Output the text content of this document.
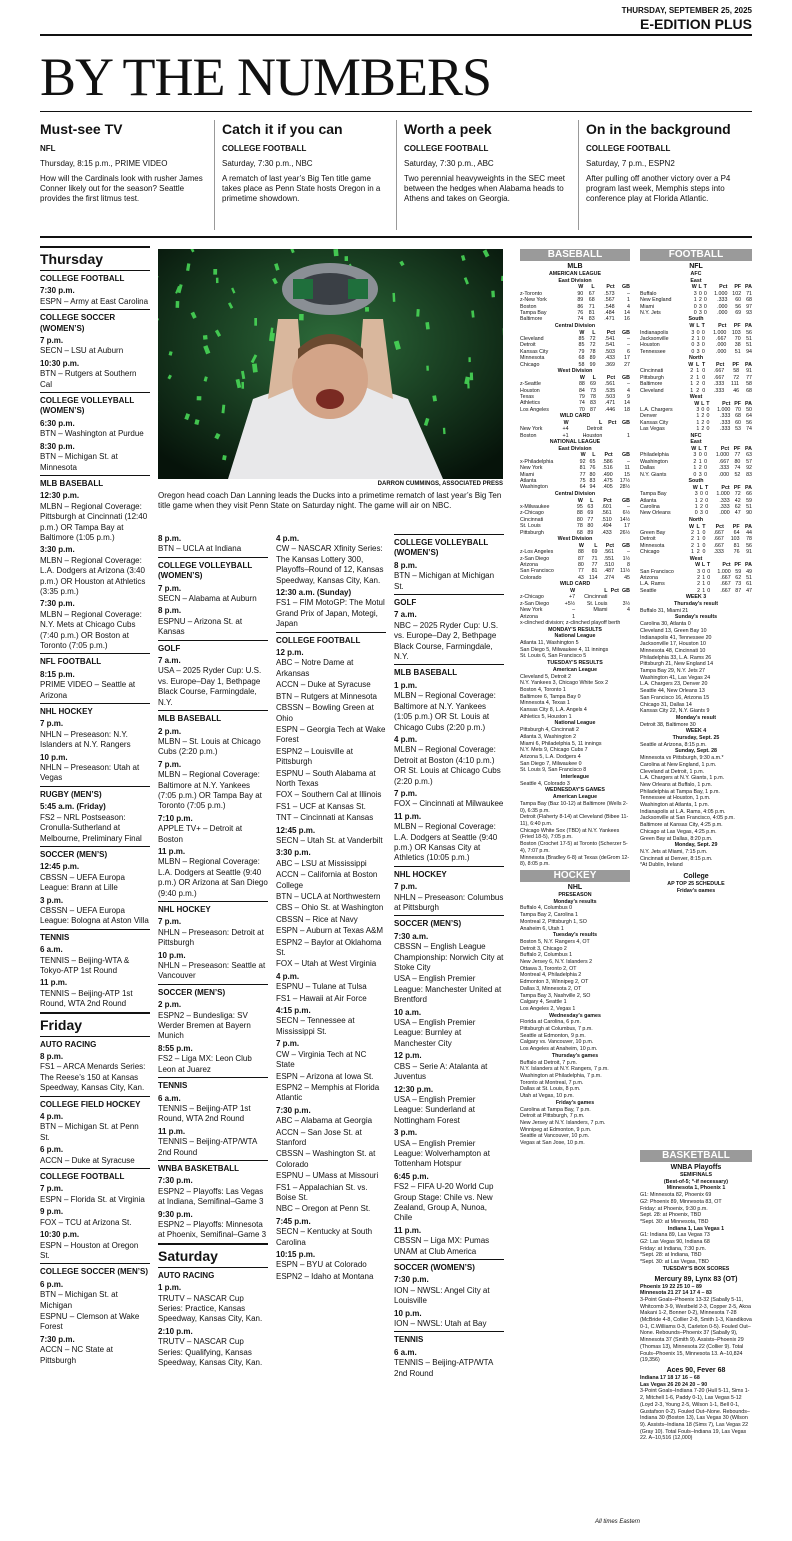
THURSDAY, SEPTEMBER 25, 2025
E-EDITION PLUS
BY THE NUMBERS
Must-see TV
NFL
Thursday, 8:15 p.m., PRIME VIDEO
How will the Cardinals look with rusher James Conner likely out for the season? Seattle provides the first litmus test.
Catch it if you can
COLLEGE FOOTBALL
Saturday, 7:30 p.m., NBC
A rematch of last year’s Big Ten title game takes place as Penn State hosts Oregon in a primetime showdown.
Worth a peek
COLLEGE FOOTBALL
Saturday, 7:30 p.m., ABC
Two perennial heavyweights in the SEC meet between the hedges when Alabama heads to Athens and takes on Georgia.
On in the background
COLLEGE FOOTBALL
Saturday, 7 p.m., ESPN2
After pulling off another victory over a P4 program last week, Memphis steps into conference play at Florida Atlantic.
Thursday
COLLEGE FOOTBALL
7:30 p.m.
ESPN – Army at East Carolina
COLLEGE SOCCER (WOMEN’S)
7 p.m.
SECN – LSU at Auburn
10:30 p.m.
BTN – Rutgers at Southern Cal
COLLEGE VOLLEYBALL (WOMEN’S)
6:30 p.m.
BTN – Washington at Purdue
8:30 p.m.
BTN – Michigan St. at Minnesota
MLB BASEBALL
12:30 p.m.
MLBN – Regional Coverage: Pittsburgh at Cincinnati (12:40 p.m.) OR Tampa Bay at Baltimore (1:05 p.m.)
3:30 p.m.
MLBN – Regional Coverage: L.A. Dodgers at Arizona (3:40 p.m.) OR Houston at Athletics (3:35 p.m.)
7:30 p.m.
MLBN – Regional Coverage: N.Y. Mets at Chicago Cubs (7:40 p.m.) OR Boston at Toronto (7:05 p.m.)
NFL FOOTBALL
8:15 p.m.
PRIME VIDEO – Seattle at Arizona
NHL HOCKEY
7 p.m.
NHLN – Preseason: N.Y. Islanders at N.Y. Rangers
10 p.m.
NHLN – Preseason: Utah at Vegas
RUGBY (MEN’S)
5:45 a.m. (Friday)
FS2 – NRL Postseason: Cronulla-Sutherland at Melbourne, Preliminary Final
SOCCER (MEN’S)
12:45 p.m.
CBSSN – UEFA Europa League: Brann at Lille
3 p.m.
CBSSN – UEFA Europa League: Bologna at Aston Villa
TENNIS
6 a.m.
TENNIS – Beijing-WTA & Tokyo-ATP 1st Round
11 p.m.
TENNIS – Beijing-ATP 1st Round, WTA 2nd Round
Friday
AUTO RACING
8 p.m.
FS1 – ARCA Menards Series: The Reese’s 150 at Kansas Speedway, Kansas City, Kan.
COLLEGE FIELD HOCKEY
4 p.m.
BTN – Michigan St. at Penn St.
6 p.m.
ACCN – Duke at Syracuse
COLLEGE FOOTBALL
7 p.m.
ESPN – Florida St. at Virginia
9 p.m.
FOX – TCU at Arizona St.
10:30 p.m.
ESPN – Houston at Oregon St.
COLLEGE SOCCER (MEN’S)
6 p.m.
BTN – Michigan St. at Michigan
ESPNU – Clemson at Wake Forest
7:30 p.m.
ACCN – NC State at Pittsburgh
DARRON CUMMINGS, ASSOCIATED PRESS
Oregon head coach Dan Lanning leads the Ducks into a primetime rematch of last year’s Big Ten title game when they visit Penn State on Saturday night. The game will air on NBC.
8 p.m.
BTN – UCLA at Indiana
COLLEGE VOLLEYBALL (WOMEN’S)
7 p.m.
SECN – Alabama at Auburn
8 p.m.
ESPNU – Arizona St. at Kansas
GOLF
7 a.m.
USA – 2025 Ryder Cup: U.S. vs. Europe–Day 1, Bethpage Black Course, Farmingdale, N.Y.
MLB BASEBALL
2 p.m.
MLBN – St. Louis at Chicago Cubs (2:20 p.m.)
7 p.m.
MLBN – Regional Coverage: Baltimore at N.Y. Yankees (7:05 p.m.) OR Tampa Bay at Toronto (7:05 p.m.)
7:10 p.m.
APPLE TV+ – Detroit at Boston
11 p.m.
MLBN – Regional Coverage: L.A. Dodgers at Seattle (9:40 p.m.) OR Arizona at San Diego (9:40 p.m.)
NHL HOCKEY
7 p.m.
NHLN – Preseason: Detroit at Pittsburgh
10 p.m.
NHLN – Preseason: Seattle at Vancouver
SOCCER (MEN’S)
2 p.m.
ESPN2 – Bundesliga: SV Werder Bremen at Bayern Munich
8:55 p.m.
FS2 – Liga MX: Leon Club Leon at Juarez
TENNIS
6 a.m.
TENNIS – Beijing-ATP 1st Round, WTA 2nd Round
11 p.m.
TENNIS – Beijing-ATP/WTA 2nd Round
WNBA BASKETBALL
7:30 p.m.
ESPN2 – Playoffs: Las Vegas at Indiana, Semifinal–Game 3
9:30 p.m.
ESPN2 – Playoffs: Minnesota at Phoenix, Semifinal–Game 3
Saturday
AUTO RACING
1 p.m.
TRUTV – NASCAR Cup Series: Practice, Kansas Speedway, Kansas City, Kan.
2:10 p.m.
TRUTV – NASCAR Cup Series: Qualifying, Kansas Speedway, Kansas City, Kan.
4 p.m.
CW – NASCAR Xfinity Series: The Kansas Lottery 300, Playoffs–Round of 12, Kansas Speedway, Kansas City, Kan.
12:30 a.m. (Sunday)
FS1 – FIM MotoGP: The Motul Grand Prix of Japan, Motegi, Japan
COLLEGE FOOTBALL
12 p.m.
ABC – Notre Dame at Arkansas
ACCN – Duke at Syracuse
BTN – Rutgers at Minnesota
CBSSN – Bowling Green at Ohio
ESPN – Georgia Tech at Wake Forest
ESPN2 – Louisville at Pittsburgh
ESPNU – South Alabama at North Texas
FOX – Southern Cal at Illinois
FS1 – UCF at Kansas St.
TNT – Cincinnati at Kansas
12:45 p.m.
SECN – Utah St. at Vanderbilt
3:30 p.m.
ABC – LSU at Mississippi
ACCN – California at Boston College
BTN – UCLA at Northwestern
CBS – Ohio St. at Washington
CBSSN – Rice at Navy
ESPN – Auburn at Texas A&M
ESPN2 – Baylor at Oklahoma St.
FOX – Utah at West Virginia
4 p.m.
ESPNU – Tulane at Tulsa
FS1 – Hawaii at Air Force
4:15 p.m.
SECN – Tennessee at Mississippi St.
7 p.m.
CW – Virginia Tech at NC State
ESPN – Arizona at Iowa St.
ESPN2 – Memphis at Florida Atlantic
7:30 p.m.
ABC – Alabama at Georgia
ACCN – San Jose St. at Stanford
CBSSN – Washington St. at Colorado
ESPNU – UMass at Missouri
FS1 – Appalachian St. vs. Boise St.
NBC – Oregon at Penn St.
7:45 p.m.
SECN – Kentucky at South Carolina
10:15 p.m.
ESPN – BYU at Colorado
ESPN2 – Idaho at Montana
COLLEGE VOLLEYBALL (WOMEN’S)
8 p.m.
BTN – Michigan at Michigan St.
GOLF
7 a.m.
NBC – 2025 Ryder Cup: U.S. vs. Europe–Day 2, Bethpage Black Course, Farmingdale, N.Y.
MLB BASEBALL
1 p.m.
MLBN – Regional Coverage: Baltimore at N.Y. Yankees (1:05 p.m.) OR St. Louis at Chicago Cubs (2:20 p.m.)
4 p.m.
MLBN – Regional Coverage: Detroit at Boston (4:10 p.m.) OR St. Louis at Chicago Cubs (2:20 p.m.)
7 p.m.
FOX – Cincinnati at Milwaukee
11 p.m.
MLBN – Regional Coverage: L.A. Dodgers at Seattle (9:40 p.m.) OR Kansas City at Athletics (10:05 p.m.)
NHL HOCKEY
7 p.m.
NHLN – Preseason: Columbus at Pittsburgh
SOCCER (MEN’S)
7:30 a.m.
CBSSN – English League Championship: Norwich City at Stoke City
USA – English Premier League: Manchester United at Brentford
10 a.m.
USA – English Premier League: Burnley at Manchester City
12 p.m.
CBS – Serie A: Atalanta at Juventus
12:30 p.m.
USA – English Premier League: Sunderland at Nottingham Forest
3 p.m.
USA – English Premier League: Wolverhampton at Tottenham Hotspur
6:45 p.m.
FS2 – FIFA U-20 World Cup Group Stage: Chile vs. New Zealand, Group A, Nunoa, Chile
11 p.m.
CBSSN – Liga MX: Pumas UNAM at Club America
SOCCER (WOMEN’S)
7:30 p.m.
ION – NWSL: Angel City at Louisville
10 p.m.
ION – NWSL: Utah at Bay
TENNIS
6 a.m.
TENNIS – Beijing-ATP/WTA 2nd Round
BASEBALL
MLB
AMERICAN LEAGUE
East Division
	W	L	Pct	GB
z-Toronto	90	67	.573	–
z-New York	89	68	.567	1
Boston	86	71	.548	4
Tampa Bay	76	81	.484	14
Baltimore	74	83	.471	16
Central Division
	W	L	Pct	GB
Cleveland	85	72	.541	–
Detroit	85	72	.541	–
Kansas City	79	78	.503	6
Minnesota	68	89	.433	17
Chicago	58	99	.369	27
West Division
	W	L	Pct	GB
z-Seattle	88	69	.561	–
Houston	84	73	.535	4
Texas	79	78	.503	9
Athletics	74	83	.471	14
Los Angeles	70	87	.446	18
WILD CARD
	W	L	Pct	GB
New York	+4	Detroit		
Boston	+1	Houston		1
NATIONAL LEAGUE
East Division
	W	L	Pct	GB
x-Philadelphia	92	65	.586	–
New York	81	76	.516	11
Miami	77	80	.490	15
Atlanta	75	83	.475	17½
Washington	64	94	.405	28½
Central Division
	W	L	Pct	GB
x-Milwaukee	95	63	.601	–
z-Chicago	88	69	.561	6½
Cincinnati	80	77	.510	14½
St. Louis	78	80	.494	17
Pittsburgh	68	89	.433	26½
West Division
	W	L	Pct	GB
z-Los Angeles	88	69	.561	–
z-San Diego	87	71	.551	1½
Arizona	80	77	.510	8
San Francisco	77	81	.487	11½
Colorado	43	114	.274	45
WILD CARD
	W	L	Pct	GB
z-Chicago	+7	Cincinnati		
z-San Diego	+5½	St. Louis		3½
New York	–	Miami		4
Arizona	1			
x-clinched division; z-clinched playoff berth
MONDAY’S RESULTS
National League
Atlanta 11, Washington 5
San Diego 5, Milwaukee 4, 11 innings
St. Louis 6, San Francisco 5
TUESDAY’S RESULTS
American League
Cleveland 5, Detroit 2
N.Y. Yankees 3, Chicago White Sox 2
Boston 4, Toronto 1
Baltimore 6, Tampa Bay 0
Minnesota 4, Texas 1
Kansas City 8, L.A. Angels 4
Athletics 5, Houston 1
National League
Pittsburgh 4, Cincinnati 2
Atlanta 3, Washington 2
Miami 6, Philadelphia 5, 11 innings
N.Y. Mets 9, Chicago Cubs 7
Arizona 5, L.A. Dodgers 4
San Diego 7, Milwaukee 0
St. Louis 9, San Francisco 8
Interleague
Seattle 4, Colorado 3
WEDNESDAY’S GAMES
American League
Tampa Bay (Baz 10-12) at Baltimore (Wells 2-0), 6:35 p.m.
Detroit (Flaherty 8-14) at Cleveland (Bibee 11-11), 6:40 p.m.
Chicago White Sox (TBD) at N.Y. Yankees (Fried 18-5), 7:05 p.m.
Boston (Crochet 17-5) at Toronto (Scherzer 5-4), 7:07 p.m.
Minnesota (Bradley 6-8) at Texas (deGrom 12-8), 8:05 p.m.
HOCKEY
NHL
PRESEASON
Monday’s results
Buffalo 4, Columbus 0
Tampa Bay 2, Carolina 1
Montreal 2, Pittsburgh 1, SO
Anaheim 6, Utah 1
Tuesday’s results
Boston 5, N.Y. Rangers 4, OT
Detroit 3, Chicago 2
Buffalo 2, Columbus 1
New Jersey 6, N.Y. Islanders 2
Ottawa 3, Toronto 2, OT
Montreal 4, Philadelphia 2
Edmonton 3, Winnipeg 2, OT
Dallas 3, Minnesota 2, OT
Tampa Bay 3, Nashville 2, SO
Calgary 4, Seattle 1
Los Angeles 2, Vegas 1
Wednesday’s games
Florida at Carolina, 6 p.m.
Pittsburgh at Columbus, 7 p.m.
Seattle at Edmonton, 9 p.m.
Calgary vs. Vancouver, 10 p.m.
Los Angeles at Anaheim, 10 p.m.
Thursday’s games
Buffalo at Detroit, 7 p.m.
N.Y. Islanders at N.Y. Rangers, 7 p.m.
Washington at Philadelphia, 7 p.m.
Toronto at Montreal, 7 p.m.
Dallas at St. Louis, 8 p.m.
Utah at Vegas, 10 p.m.
Friday’s games
Carolina at Tampa Bay, 7 p.m.
Detroit at Pittsburgh, 7 p.m.
New Jersey at N.Y. Islanders, 7 p.m.
Winnipeg at Edmonton, 9 p.m.
Seattle at Vancouver, 10 p.m.
Vegas at San Jose, 10 p.m.
All times Eastern
FOOTBALL
NFL
AFC
East
	W	L	T	Pct	PF	PA
Buffalo	3	0	0	1.000	102	71
New England	1	2	0	.333	60	68
Miami	0	3	0	.000	56	97
N.Y. Jets	0	3	0	.000	69	93
South
	W	L	T	Pct	PF	PA
Indianapolis	3	0	0	1.000	103	56
Jacksonville	2	1	0	.667	70	51
Houston	0	3	0	.000	38	51
Tennessee	0	3	0	.000	51	94
North
	W	L	T	Pct	PF	PA
Cincinnati	2	1	0	.667	58	91
Pittsburgh	2	1	0	.667	72	77
Baltimore	1	2	0	.333	111	58
Cleveland	1	2	0	.333	46	68
West
	W	L	T	Pct	PF	PA
L.A. Chargers	3	0	0	1.000	70	50
Denver	1	2	0	.333	68	64
Kansas City	1	2	0	.333	60	56
Las Vegas	1	2	0	.333	53	74
NFC
East
	W	L	T	Pct	PF	PA
Philadelphia	3	0	0	1.000	77	63
Washington	2	1	0	.667	80	57
Dallas	1	2	0	.333	74	92
N.Y. Giants	0	3	0	.000	52	83
South
	W	L	T	Pct	PF	PA
Tampa Bay	3	0	0	1.000	72	66
Atlanta	1	2	0	.333	42	59
Carolina	1	2	0	.333	62	51
New Orleans	0	3	0	.000	47	90
North
	W	L	T	Pct	PF	PA
Green Bay	2	1	0	.667	64	44
Detroit	2	1	0	.667	103	78
Minnesota	2	1	0	.667	81	56
Chicago	1	2	0	.333	76	91
West
	W	L	T	Pct	PF	PA
San Francisco	3	0	0	1.000	59	49
Arizona	2	1	0	.667	62	51
L.A. Rams	2	1	0	.667	73	61
Seattle	2	1	0	.667	87	47
WEEK 3
Thursday’s result
Buffalo 31, Miami 21
Sunday’s results
Carolina 30, Atlanta 0
Cleveland 13, Green Bay 10
Indianapolis 41, Tennessee 20
Jacksonville 17, Houston 10
Minnesota 48, Cincinnati 10
Philadelphia 33, L.A. Rams 26
Pittsburgh 21, New England 14
Tampa Bay 29, N.Y. Jets 27
Washington 41, Las Vegas 24
L.A. Chargers 23, Denver 20
Seattle 44, New Orleans 13
San Francisco 16, Arizona 15
Chicago 31, Dallas 14
Kansas City 22, N.Y. Giants 9
Monday’s result
Detroit 38, Baltimore 30
WEEK 4
Thursday, Sept. 25
Seattle at Arizona, 8:15 p.m.
Sunday, Sept. 28
Minnesota vs Pittsburgh, 9:30 a.m.*
Carolina at New England, 1 p.m.
Cleveland at Detroit, 1 p.m.
L.A. Chargers at N.Y. Giants, 1 p.m.
New Orleans at Buffalo, 1 p.m.
Philadelphia at Tampa Bay, 1 p.m.
Tennessee at Houston, 1 p.m.
Washington at Atlanta, 1 p.m.
Indianapolis at L.A. Rams, 4:05 p.m.
Jacksonville at San Francisco, 4:05 p.m.
Baltimore at Kansas City, 4:25 p.m.
Chicago at Las Vegas, 4:25 p.m.
Green Bay at Dallas, 8:20 p.m.
Monday, Sept. 29
N.Y. Jets at Miami, 7:15 p.m.
Cincinnati at Denver, 8:15 p.m.
*At Dublin, Ireland
College
AP TOP 25 SCHEDULE
Friday’s games
BASKETBALL
WNBA Playoffs
SEMIFINALS
(Best-of-5; *-if necessary)
Minnesota 1, Phoenix 1
G1: Minnesota 82, Phoenix 69
G2: Phoenix 89, Minnesota 83, OT
Friday: at Phoenix, 9:30 p.m.
Sept. 28: at Phoenix, TBD
*Sept. 30: at Minnesota, TBD
Indiana 1, Las Vegas 1
G1: Indiana 89, Las Vegas 73
G2: Las Vegas 90, Indiana 68
Friday: at Indiana, 7:30 p.m.
*Sept. 28: at Indiana, TBD
*Sept. 30: at Las Vegas, TBD
TUESDAY’S BOX SCORES
Mercury 89, Lynx 83 (OT)
Phoenix 19 22 25 10 – 89
Minnesota 21 27 14 17 4 – 83
3-Point Goals–Phoenix 13-32 (Sabally 5-11, Whitcomb 3-9, Westbeld 2-3, Copper 2-5, Akoa Makani 1-2, Bonner 0-2), Minnesota 7-28 (McBride 4-8, Collier 2-8, Smith 1-3, Kiandikova 0-1, C.Williams 0-3, Carleton 0-5). Fouled Out–None. Rebounds–Phoenix 37 (Sabally 9), Minnesota 37 (Smith 9). Assists–Phoenix 29 (Thomas 13), Minnesota 22 (Collier 9). Total Fouls–Phoenix 15, Minnesota 13. A–10,824 (19,356)
Aces 90, Fever 68
Indiana 17 18 17 16 – 68
Las Vegas 26 20 24 20 – 90
3-Point Goals–Indiana 7-20 (Hull 5-11, Sims 1-2, Mitchell 1-6, Paddy 0-1), Las Vegas 5-12 (Loyd 2-3, Young 2-5, Wilson 1-1, Bell 0-1, Gustafson 0-2). Fouled Out–None. Rebounds–Indiana 30 (Boston 13), Las Vegas 30 (Wilson 9). Assists–Indiana 18 (Sims 7), Las Vegas 22 (Gray 10). Total Fouls–Indiana 19, Las Vegas 22. A–10,516 (12,000)
